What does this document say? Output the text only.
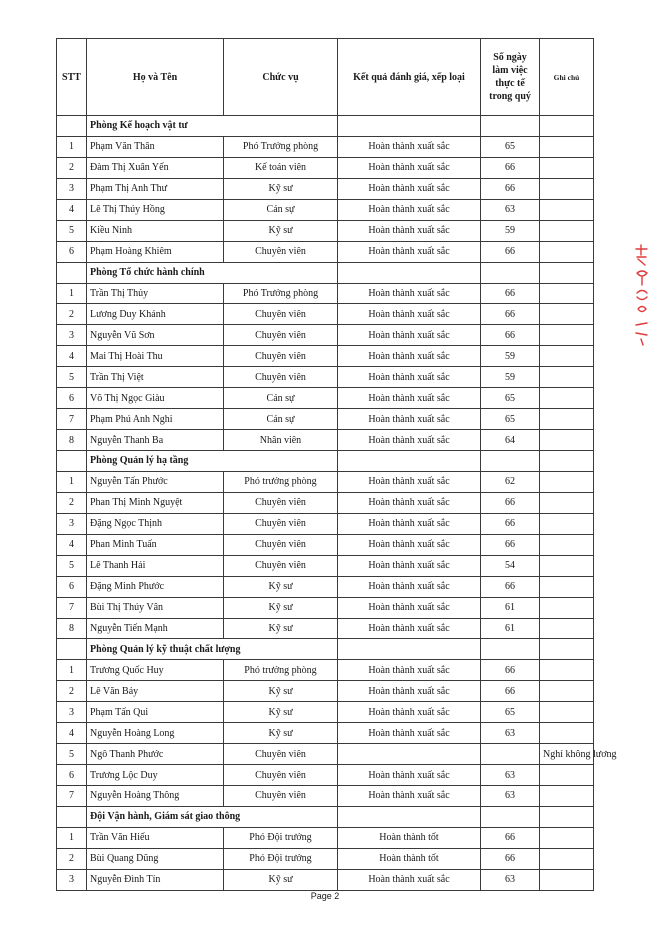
STT	Họ và Tên	Chức vụ	Kết quả đánh giá, xếp loại	Số ngày làm việc thực tế trong quý	Ghi chú
	Phòng Kế hoạch vật tư				
1	Phạm Văn Thân	Phó Trưởng phòng	Hoàn thành xuất sắc	65	
2	Đàm Thị Xuân Yến	Kế toán viên	Hoàn thành xuất sắc	66	
3	Phạm Thị Anh Thư	Kỹ sư	Hoàn thành xuất sắc	66	
4	Lê Thị Thúy Hồng	Cán sự	Hoàn thành xuất sắc	63	
5	Kiều Ninh	Kỹ sư	Hoàn thành xuất sắc	59	
6	Phạm Hoàng Khiêm	Chuyên viên	Hoàn thành xuất sắc	66	
	Phòng Tổ chức hành chính				
1	Trần Thị Thủy	Phó Trưởng phòng	Hoàn thành xuất sắc	66	
2	Lương Duy Khánh	Chuyên viên	Hoàn thành xuất sắc	66	
3	Nguyễn Vũ Sơn	Chuyên viên	Hoàn thành xuất sắc	66	
4	Mai Thị Hoài Thu	Chuyên viên	Hoàn thành xuất sắc	59	
5	Trần Thị Việt	Chuyên viên	Hoàn thành xuất sắc	59	
6	Võ Thị Ngọc Giàu	Cán sự	Hoàn thành xuất sắc	65	
7	Phạm Phú Anh Nghi	Cán sự	Hoàn thành xuất sắc	65	
8	Nguyễn Thanh Ba	Nhân viên	Hoàn thành xuất sắc	64	
	Phòng Quản lý hạ tầng				
1	Nguyễn Tấn Phước	Phó trưởng phòng	Hoàn thành xuất sắc	62	
2	Phan Thị Minh Nguyệt	Chuyên viên	Hoàn thành xuất sắc	66	
3	Đặng Ngọc Thịnh	Chuyên viên	Hoàn thành xuất sắc	66	
4	Phan Minh Tuấn	Chuyên viên	Hoàn thành xuất sắc	66	
5	Lê Thanh Hải	Chuyên viên	Hoàn thành xuất sắc	54	
6	Đặng Minh Phước	Kỹ sư	Hoàn thành xuất sắc	66	
7	Bùi Thị Thúy Vân	Kỹ sư	Hoàn thành xuất sắc	61	
8	Nguyễn Tiến Mạnh	Kỹ sư	Hoàn thành xuất sắc	61	
	Phòng Quản lý kỹ thuật chất lượng				
1	Trương Quốc Huy	Phó trưởng phòng	Hoàn thành xuất sắc	66	
2	Lê Văn Bảy	Kỹ sư	Hoàn thành xuất sắc	66	
3	Phạm Tấn Qui	Kỹ sư	Hoàn thành xuất sắc	65	
4	Nguyễn Hoàng Long	Kỹ sư	Hoàn thành xuất sắc	63	
5	Ngô Thanh Phước	Chuyên viên			Nghỉ không lương
6	Trương Lộc Duy	Chuyên viên	Hoàn thành xuất sắc	63	
7	Nguyễn Hoàng Thông	Chuyên viên	Hoàn thành xuất sắc	63	
	Đội Vận hành, Giám sát giao thông				
1	Trần Văn Hiếu	Phó Đội trưởng	Hoàn thành tốt	66	
2	Bùi Quang Dũng	Phó Đội trưởng	Hoàn thành tốt	66	
3	Nguyễn Đình Tín	Kỹ sư	Hoàn thành xuất sắc	63	
Page 2
